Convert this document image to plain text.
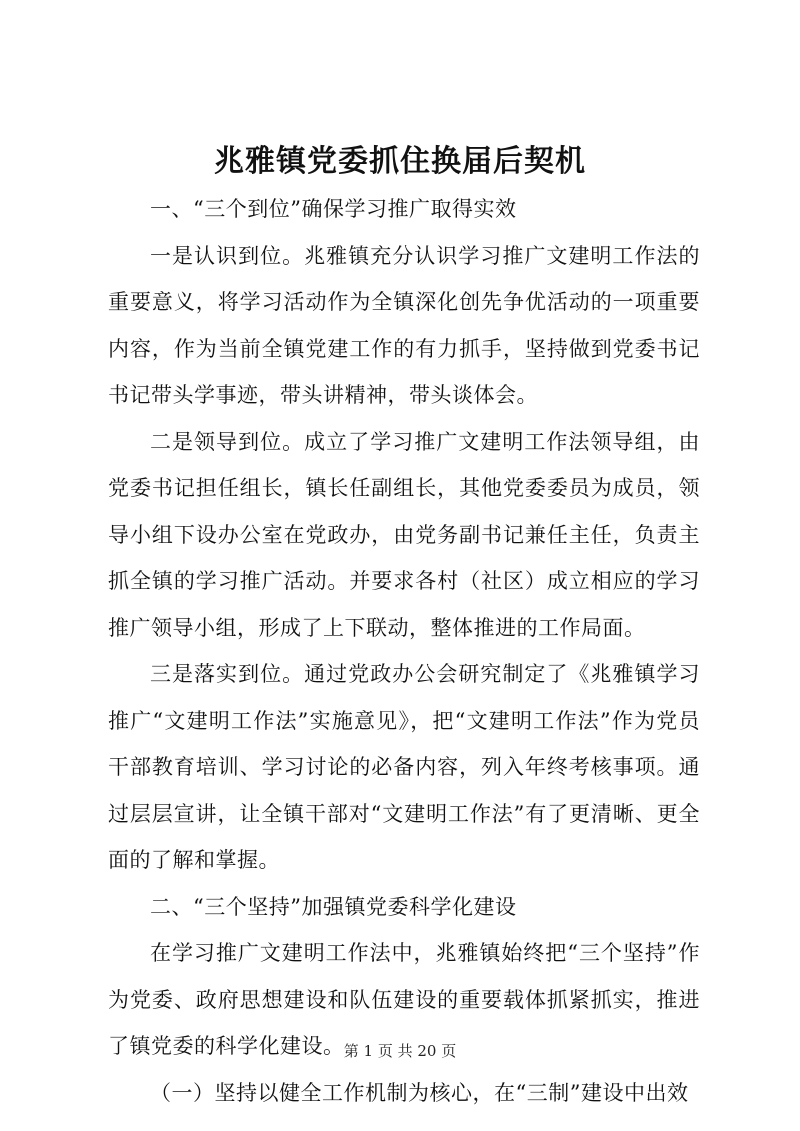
兆雅镇党委抓住换届后契机

一、“三个到位”确保学习推广取得实效

一是认识到位。兆雅镇充分认识学习推广文建明工作法的重要意义，将学习活动作为全镇深化创先争优活动的一项重要内容，作为当前全镇党建工作的有力抓手，坚持做到党委书记书记带头学事迹，带头讲精神，带头谈体会。

二是领导到位。成立了学习推广文建明工作法领导组，由党委书记担任组长，镇长任副组长，其他党委委员为成员，领导小组下设办公室在党政办，由党务副书记兼任主任，负责主抓全镇的学习推广活动。并要求各村（社区）成立相应的学习推广领导小组，形成了上下联动，整体推进的工作局面。

三是落实到位。通过党政办公会研究制定了《兆雅镇学习推广“文建明工作法”实施意见》，把“文建明工作法”作为党员干部教育培训、学习讨论的必备内容，列入年终考核事项。通过层层宣讲，让全镇干部对“文建明工作法”有了更清晰、更全面的了解和掌握。

二、“三个坚持”加强镇党委科学化建设

在学习推广文建明工作法中，兆雅镇始终把“三个坚持”作为党委、政府思想建设和队伍建设的重要载体抓紧抓实，推进了镇党委的科学化建设。

（一）坚持以健全工作机制为核心，在“三制”建设中出效

第 1 页 共 20 页
